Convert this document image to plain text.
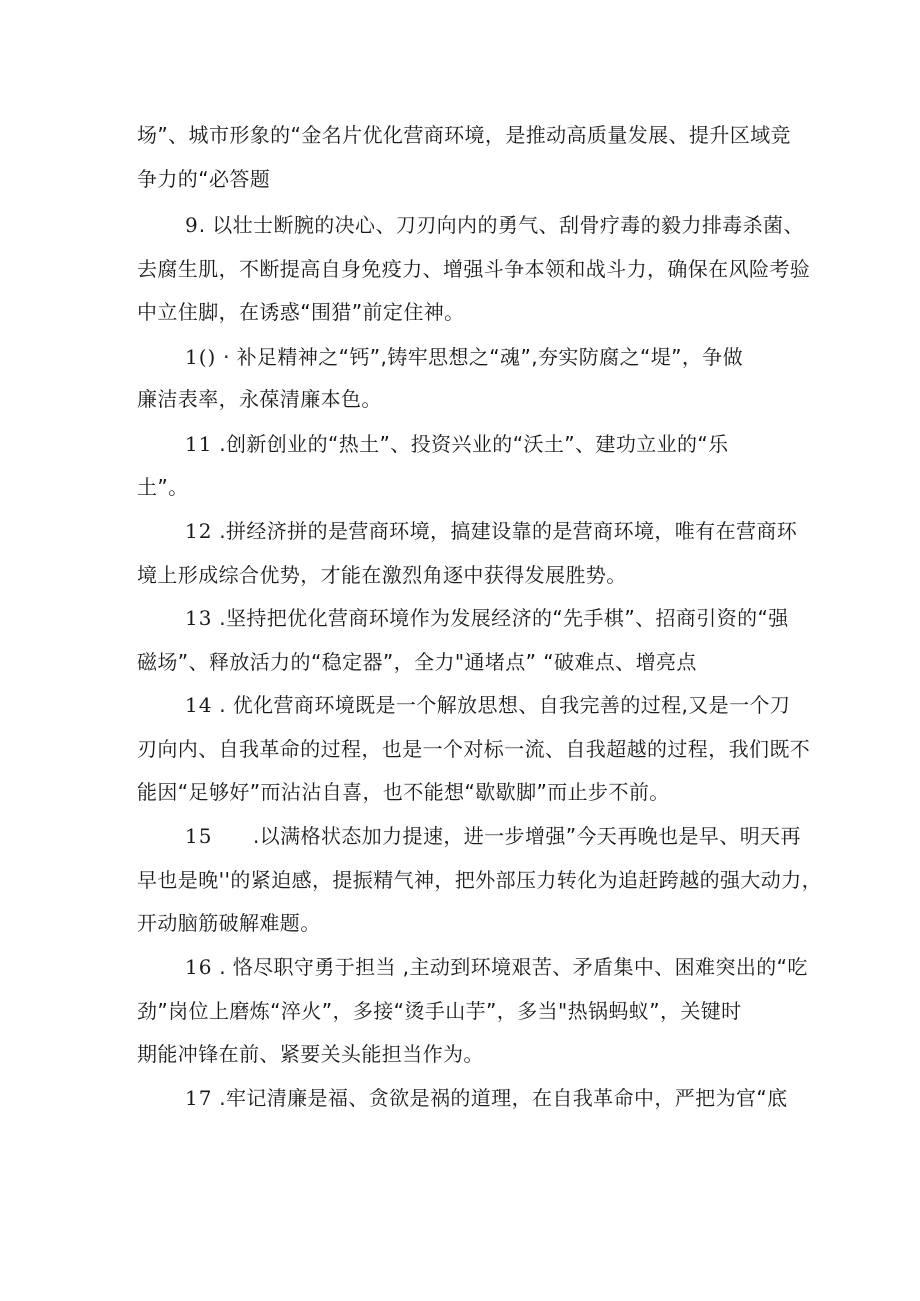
场”、城市形象的“金名片优化营商环境，是推动高质量发展、提升区域竞
争力的“必答题
9. 以壮士断腕的决心、刀刃向内的勇气、刮骨疗毒的毅力排毒杀菌、
去腐生肌，不断提高自身免疫力、增强斗争本领和战斗力，确保在风险考验
中立住脚，在诱惑“围猎”前定住神。
1() · 补足精神之“钙”,铸牢思想之“魂”,夯实防腐之“堤”，争做
廉洁表率，永葆清廉本色。
11 .创新创业的“热土”、投资兴业的“沃土”、建功立业的“乐
土”。
12 .拼经济拼的是营商环境，搞建设靠的是营商环境，唯有在营商环
境上形成综合优势，才能在激烈角逐中获得发展胜势。
13 .坚持把优化营商环境作为发展经济的“先手棋”、招商引资的“强
磁场”、释放活力的“稳定器”，全力"通堵点” “破难点、增亮点
14 . 优化营商环境既是一个解放思想、自我完善的过程,又是一个刀
刃向内、自我革命的过程，也是一个对标一流、自我超越的过程，我们既不
能因“足够好”而沾沾自喜，也不能想“歇歇脚”而止步不前。
15      .以满格状态加力提速，进一步增强”今天再晚也是早、明天再
早也是晚''的紧迫感，提振精气神，把外部压力转化为追赶跨越的强大动力，
开动脑筋破解难题。
16 . 恪尽职守勇于担当 ,主动到环境艰苦、矛盾集中、困难突出的“吃
劲”岗位上磨炼“淬火”，多接“烫手山芋”，多当"热锅蚂蚁”，关键时
期能冲锋在前、紧要关头能担当作为。
17 .牢记清廉是福、贪欲是祸的道理，在自我革命中，严把为官“底
